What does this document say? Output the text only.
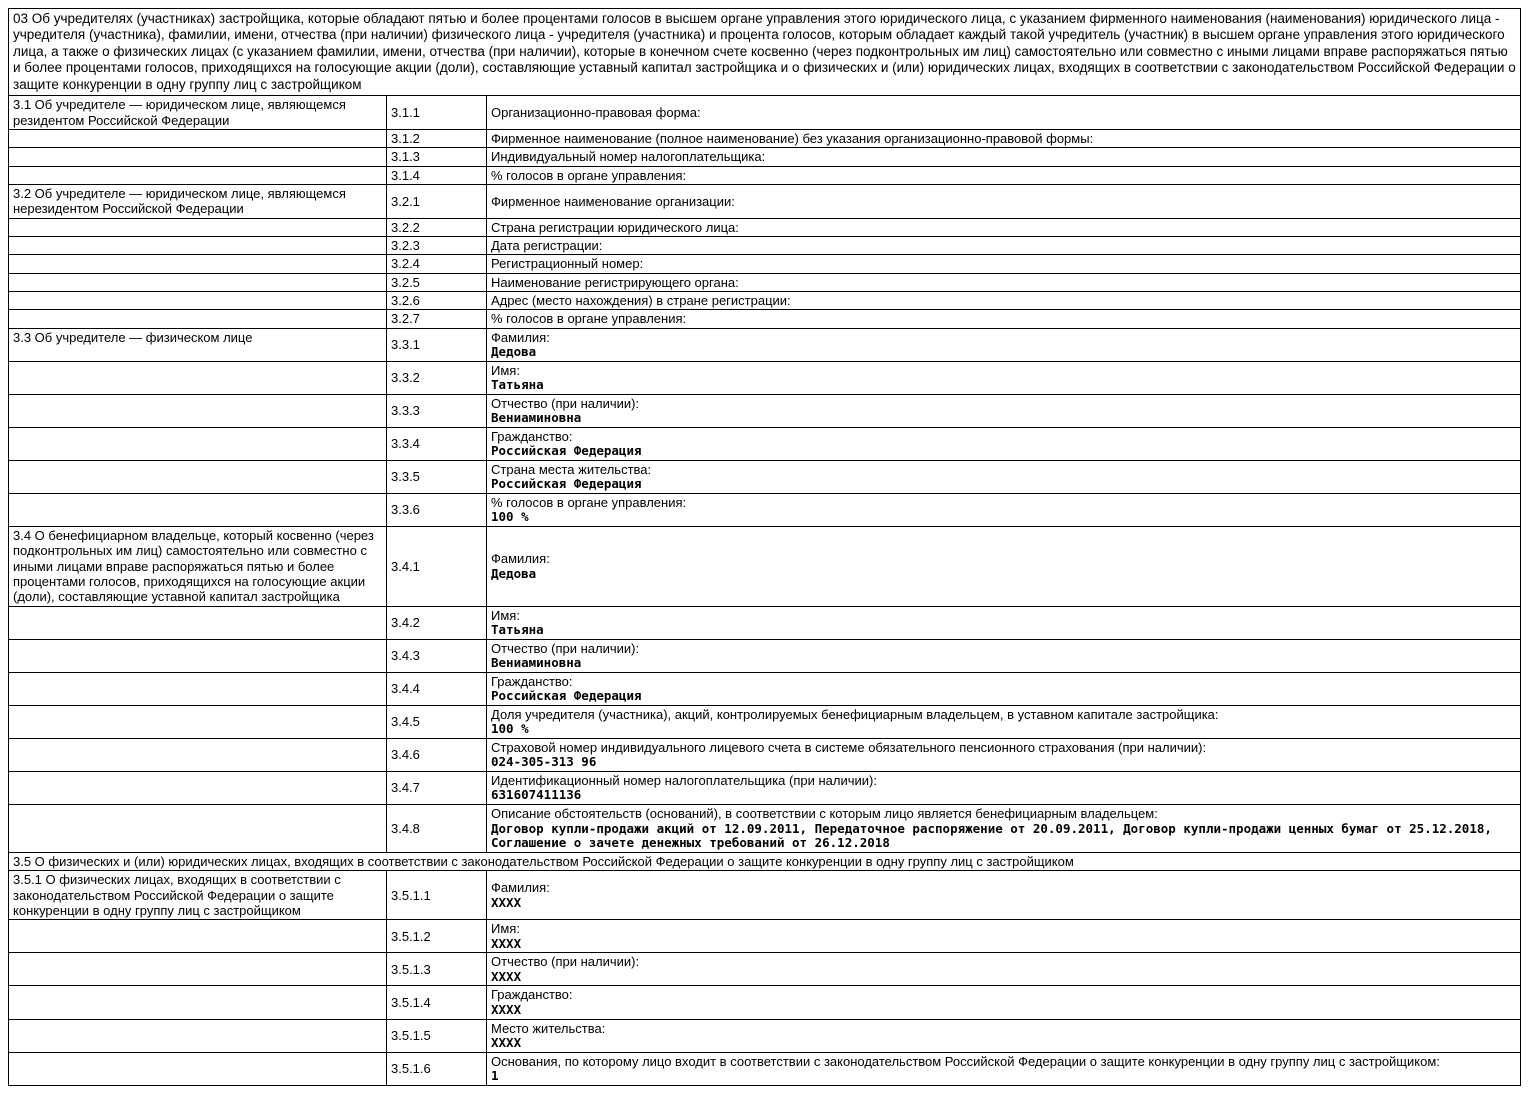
03 Об учредителях (участниках) застройщика, которые обладают пятью и более процентами голосов в высшем органе управления этого юридического лица, с указанием фирменного наименования (наименования) юридического лица - учредителя (участника), фамилии, имени, отчества (при наличии) физического лица - учредителя (участника) и процента голосов, которым обладает каждый такой учредитель (участник) в высшем органе управления этого юридического лица, а также о физических лицах (с указанием фамилии, имени, отчества (при наличии), которые в конечном счете косвенно (через подконтрольных им лиц) самостоятельно или совместно с иными лицами вправе распоряжаться пятью и более процентами голосов, приходящихся на голосующие акции (доли), составляющие уставный капитал застройщика и о физических и (или) юридических лицах, входящих в соответствии с законодательством Российской Федерации о защите конкуренции в одну группу лиц с застройщиком
3.1 Об учредителе — юридическом лице, являющемся резидентом Российской Федерации	3.1.1	Организационно-правовая форма:

	3.1.2	Фирменное наименование (полное наименование) без указания организационно-правовой формы:

	3.1.3	Индивидуальный номер налогоплательщика:

	3.1.4	% голосов в органе управления:

3.2 Об учредителе — юридическом лице, являющемся нерезидентом Российской Федерации	3.2.1	Фирменное наименование организации:

	3.2.2	Страна регистрации юридического лица:

	3.2.3	Дата регистрации:

	3.2.4	Регистрационный номер:

	3.2.5	Наименование регистрирующего органа:

	3.2.6	Адрес (место нахождения) в стране регистрации:

	3.2.7	% голосов в органе управления:

3.3 Об учредителе — физическом лице	3.3.1	Фамилия:
Дедова

	3.3.2	Имя:
Татьяна

	3.3.3	Отчество (при наличии):
Вениаминовна

	3.3.4	Гражданство:
Российская Федерация

	3.3.5	Страна места жительства:
Российская Федерация

	3.3.6	% голосов в органе управления:
100 %

3.4 О бенефициарном владельце, который косвенно (через подконтрольных им лиц) самостоятельно или совместно с иными лицами вправе распоряжаться пятью и более процентами голосов, приходящихся на голосующие акции (доли), составляющие уставной капитал застройщика	3.4.1	Фамилия:
Дедова

	3.4.2	Имя:
Татьяна

	3.4.3	Отчество (при наличии):
Вениаминовна

	3.4.4	Гражданство:
Российская Федерация

	3.4.5	Доля учредителя (участника), акций, контролируемых бенефициарным владельцем, в уставном капитале застройщика:
100 %

	3.4.6	Страховой номер индивидуального лицевого счета в системе обязательного пенсионного страхования (при наличии):
024-305-313 96

	3.4.7	Идентификационный номер налогоплательщика (при наличии):
631607411136

	3.4.8	Описание обстоятельств (оснований), в соответствии с которым лицо является бенефициарным владельцем:
Договор купли-продажи акций от 12.09.2011, Передаточное распоряжение от 20.09.2011, Договор купли-продажи ценных бумаг от 25.12.2018, Соглашение о зачете денежных требований от 26.12.2018

3.5 О физических и (или) юридических лицах, входящих в соответствии с законодательством Российской Федерации о защите конкуренции в одну группу лиц с застройщиком		
3.5.1 О физических лицах, входящих в соответствии с законодательством Российской Федерации о защите конкуренции в одну группу лиц с застройщиком	3.5.1.1	Фамилия:
XXXX

	3.5.1.2	Имя:
XXXX

	3.5.1.3	Отчество (при наличии):
XXXX

	3.5.1.4	Гражданство:
XXXX

	3.5.1.5	Место жительства:
XXXX

	3.5.1.6	Основания, по которому лицо входит в соответствии с законодательством Российской Федерации о защите конкуренции в одну группу лиц с застройщиком:
1
